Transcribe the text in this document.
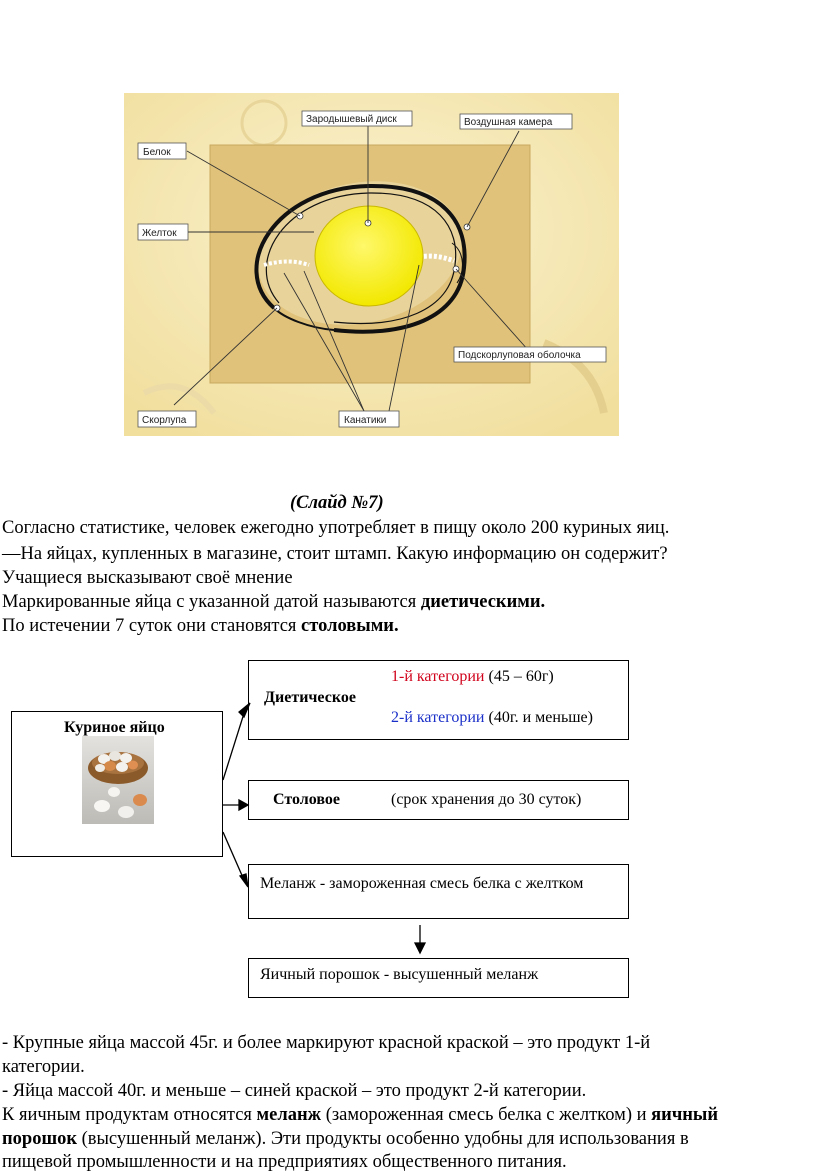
Зародышевый диск	Воздушная камера
Белок
Желток
Подскорлуповая оболочка
Скорлупа	Канатики
(Слайд №7)
Согласно статистике, человек ежегодно употребляет в пищу около 200 куриных яиц.
—На яйцах, купленных в магазине, стоит штамп. Какую информацию он содержит?
Учащиеся высказывают своё мнение
Маркированные яйца с указанной датой называются диетическими.
По истечении 7 суток они становятся столовыми.
Куриное яйцо
Диетическое
1-й категории (45 – 60г)
2-й категории (40г. и меньше)
Столовое	(срок хранения до 30 суток)
Меланж - замороженная смесь белка с желтком
Яичный порошок - высушенный меланж
- Крупные яйца массой 45г. и более маркируют красной краской – это продукт 1-й
категории.
- Яйца массой 40г. и меньше – синей краской – это продукт 2-й категории.
К яичным продуктам относятся меланж (замороженная смесь белка с желтком) и яичный
порошок (высушенный меланж). Эти продукты особенно удобны для использования в
пищевой промышленности и на предприятиях общественного питания.
